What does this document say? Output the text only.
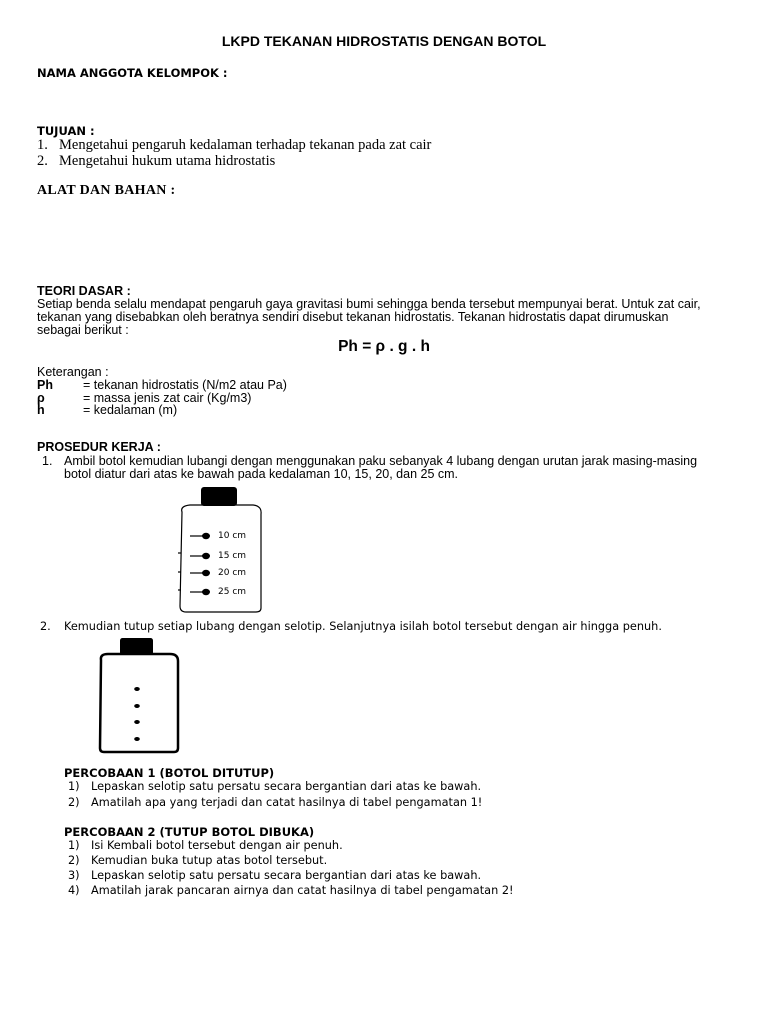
LKPD TEKANAN HIDROSTATIS DENGAN BOTOL
NAMA ANGGOTA KELOMPOK :
TUJUAN :
1. Mengetahui pengaruh kedalaman terhadap tekanan pada zat cair
2. Mengetahui hukum utama hidrostatis
ALAT DAN BAHAN :
TEORI DASAR :
Setiap benda selalu mendapat pengaruh gaya gravitasi bumi sehingga benda tersebut mempunyai berat. Untuk zat cair,
tekanan yang disebabkan oleh beratnya sendiri disebut tekanan hidrostatis. Tekanan hidrostatis dapat dirumuskan
sebagai berikut :
Ph = ρ . g . h
Keterangan :
Ph	= tekanan hidrostatis (N/m2 atau Pa)
ρ	= massa jenis zat cair (Kg/m3)
h	= kedalaman (m)
PROSEDUR KERJA :
1. Ambil botol kemudian lubangi dengan menggunakan paku sebanyak 4 lubang dengan urutan jarak masing-masing
botol diatur dari atas ke bawah pada kedalaman 10, 15, 20, dan 25 cm.
10 cm
15 cm
20 cm
25 cm
2. Kemudian tutup setiap lubang dengan selotip. Selanjutnya isilah botol tersebut dengan air hingga penuh.
PERCOBAAN 1 (BOTOL DITUTUP)
1)	Lepaskan selotip satu persatu secara bergantian dari atas ke bawah.
2)	Amatilah apa yang terjadi dan catat hasilnya di tabel pengamatan 1!
PERCOBAAN 2 (TUTUP BOTOL DIBUKA)
1)	Isi Kembali botol tersebut dengan air penuh.
2)	Kemudian buka tutup atas botol tersebut.
3)	Lepaskan selotip satu persatu secara bergantian dari atas ke bawah.
4)	Amatilah jarak pancaran airnya dan catat hasilnya di tabel pengamatan 2!
